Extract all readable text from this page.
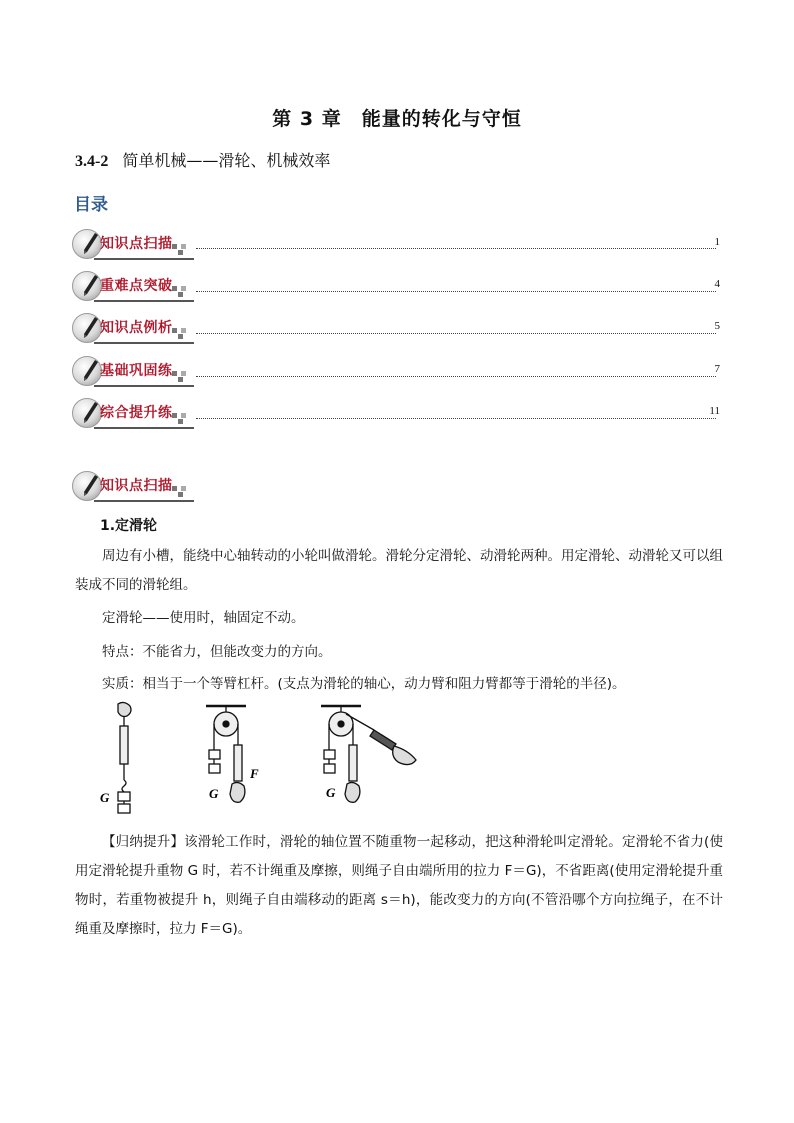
第 3 章　能量的转化与守恒
3.4-2 简单机械——滑轮、机械效率
目录
知识点扫描	1
重难点突破	4
知识点例析	5
基础巩固练	7
综合提升练	11
知识点扫描
1.定滑轮
周边有小槽，能绕中心轴转动的小轮叫做滑轮。滑轮分定滑轮、动滑轮两种。用定滑轮、动滑轮又可以组装成不同的滑轮组。
定滑轮——使用时，轴固定不动。
特点：不能省力，但能改变力的方向。
实质：相当于一个等臂杠杆。(支点为滑轮的轴心，动力臂和阻力臂都等于滑轮的半径)。
G	G
F
G
【归纳提升】该滑轮工作时，滑轮的轴位置不随重物一起移动，把这种滑轮叫定滑轮。定滑轮不省力(使用定滑轮提升重物 G 时，若不计绳重及摩擦，则绳子自由端所用的拉力 F＝G)，不省距离(使用定滑轮提升重物时，若重物被提升 h，则绳子自由端移动的距离 s＝h)，能改变力的方向(不管沿哪个方向拉绳子，在不计绳重及摩擦时，拉力 F＝G)。
